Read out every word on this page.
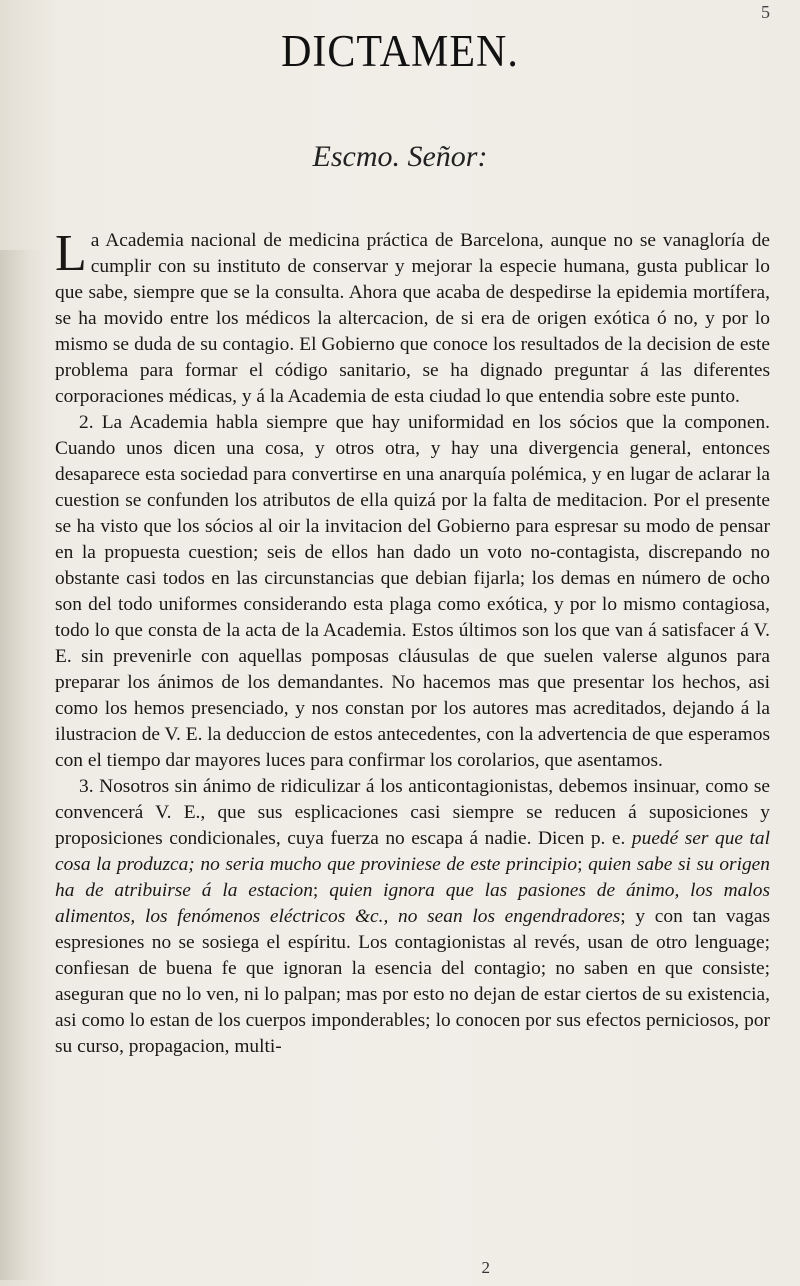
5
DICTAMEN.
Escmo. Señor:

La Academia nacional de medicina práctica de Barcelona, aunque no se vanagloría de cumplir con su instituto de conservar y mejorar la especie humana, gusta publicar lo que sabe, siempre que se la consulta. Ahora que acaba de despedirse la epidemia mortífera, se ha movido entre los médicos la altercacion, de si era de origen exótica ó no, y por lo mismo se duda de su contagio. El Gobierno que conoce los resultados de la decision de este problema para formar el código sanitario, se ha dignado preguntar á las diferentes corporaciones médicas, y á la Academia de esta ciudad lo que entendia sobre este punto.

2. La Academia habla siempre que hay uniformidad en los sócios que la componen. Cuando unos dicen una cosa, y otros otra, y hay una divergencia general, entonces desaparece esta sociedad para convertirse en una anarquía polémica, y en lugar de aclarar la cuestion se confunden los atributos de ella quizá por la falta de meditacion. Por el presente se ha visto que los sócios al oir la invitacion del Gobierno para espresar su modo de pensar en la propuesta cuestion; seis de ellos han dado un voto no-contagista, discrepando no obstante casi todos en las circunstancias que debian fijarla; los demas en número de ocho son del todo uniformes considerando esta plaga como exótica, y por lo mismo contagiosa, todo lo que consta de la acta de la Academia. Estos últimos son los que van á satisfacer á V. E. sin prevenirle con aquellas pomposas cláusulas de que suelen valerse algunos para preparar los ánimos de los demandantes. No hacemos mas que presentar los hechos, asi como los hemos presenciado, y nos constan por los autores mas acreditados, dejando á la ilustracion de V. E. la deduccion de estos antecedentes, con la advertencia de que esperamos con el tiempo dar mayores luces para confirmar los corolarios, que asentamos.

3. Nosotros sin ánimo de ridiculizar á los anticontagionistas, debemos insinuar, como se convencerá V. E., que sus esplicaciones casi siempre se reducen á suposiciones y proposiciones condicionales, cuya fuerza no escapa á nadie. Dicen p. e. puedé ser que tal cosa la produzca; no seria mucho que proviniese de este principio; quien sabe si su origen ha de atribuirse á la estacion; quien ignora que las pasiones de ánimo, los malos alimentos, los fenómenos eléctricos &c., no sean los engendradores; y con tan vagas espresiones no se sosiega el espíritu. Los contagionistas al revés, usan de otro lenguage; confiesan de buena fe que ignoran la esencia del contagio; no saben en que consiste; aseguran que no lo ven, ni lo palpan; mas por esto no dejan de estar ciertos de su existencia, asi como lo estan de los cuerpos imponderables; lo conocen por sus efectos perniciosos, por su curso, propagacion, multi-

2
